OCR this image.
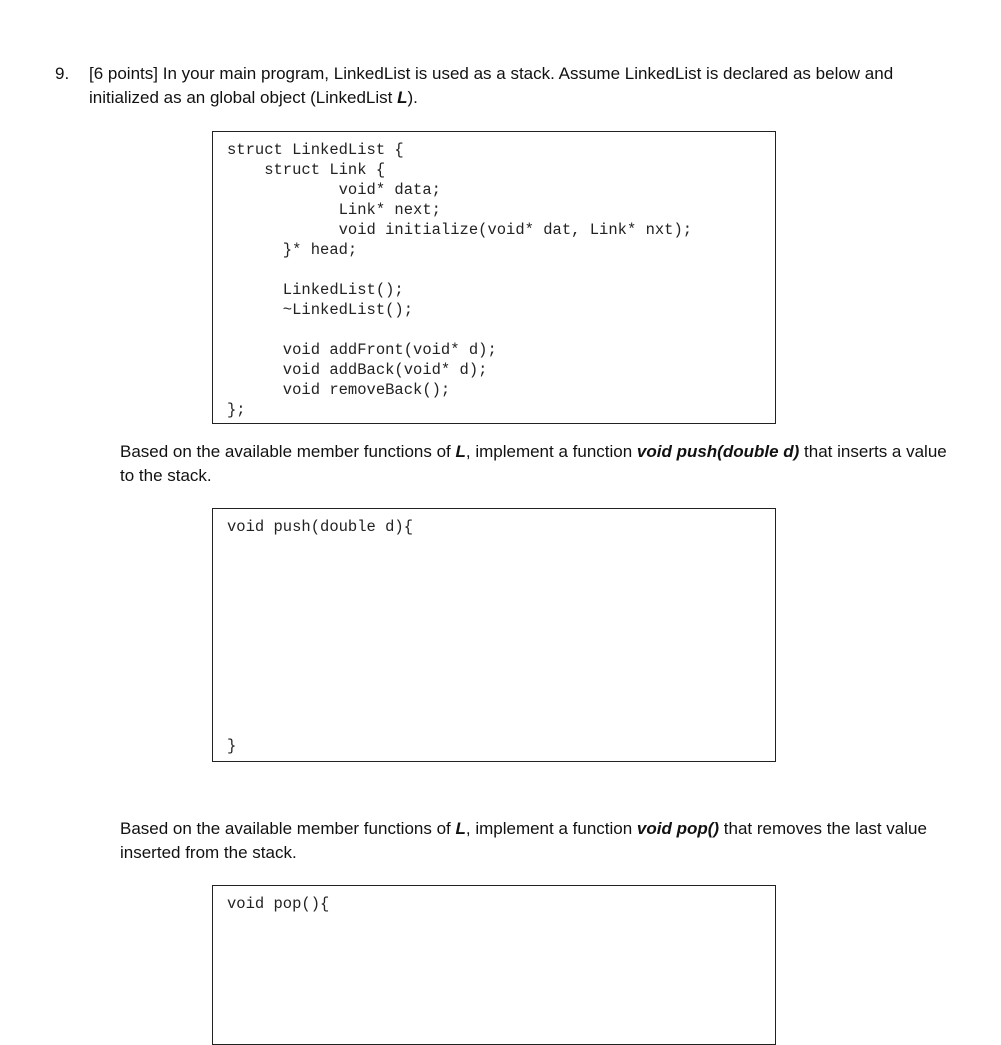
9. [6 points] In your main program, LinkedList is used as a stack. Assume LinkedList is declared as below and initialized as an global object (LinkedList L).
struct LinkedList {
struct Link {
void* data;
Link* next;
void initialize(void* dat, Link* nxt);
}* head;

LinkedList();
~LinkedList();

void addFront(void* d);
void addBack(void* d);
void removeBack();
};
Based on the available member functions of L, implement a function void push(double d) that inserts a value to the stack.
void push(double d){
}
Based on the available member functions of L, implement a function void pop() that removes the last value inserted from the stack.
void pop(){
